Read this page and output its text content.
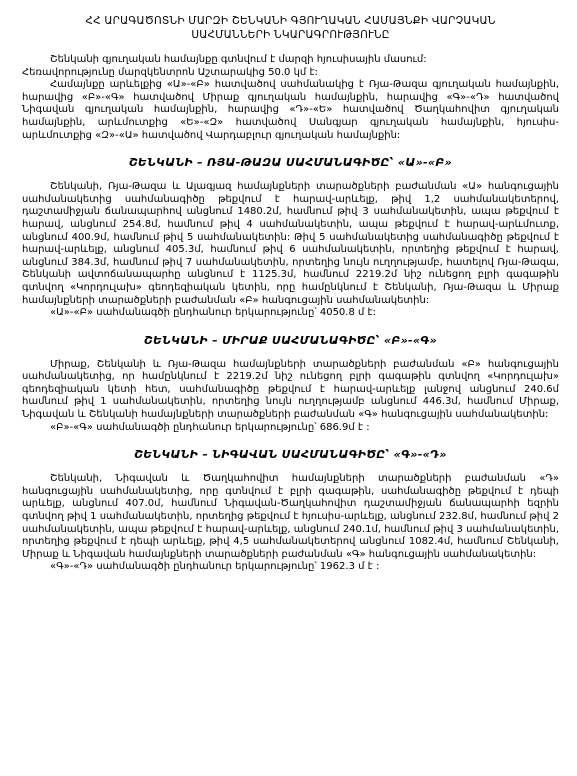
ՀՀ ԱՐԱԳԱԾՈՏՆԻ ՄԱՐԶԻ ՇԵՆԿԱՆԻ ԳՅՈՒՂԱԿԱՆ ՀԱՄԱՅՆՔԻ ՎԱՐՉԱԿԱՆ
ՍԱՀՄԱՆՆԵՐԻ ՆԿԱՐԱԳՐՈՒԹՅՈՒՆԸ

Շենկանի գյուղական համայնքը գտնվում է մարզի հյուսիսային մասում:

Հեռավորությունը մարզկենտրոն Աշտարակից 50.0 կմ է:

Համայնքը արևելքից «Ա»-«Բ» հատվածով սահմանակից է Ռյա-Թազա գյուղական համայնքին, հարավից «Բ»-«Գ» հատվածով Միրաք գյուղական համայնքին, հարավից «Գ»-«Դ» հատվածով Նիգավան գյուղական համայնքին, հարավից «Դ»-«Ե» հատվածով Ծաղկահովիտ գյուղական համայնքին, արևմուտքից «Ե»-«Զ» հատվածով Սանգյար գյուղական համայնքին, հյուսիս-արևմուտքից «Զ»-«Ա» հատվածով Վարդաբլուր գյուղական համայնքին:

ՇԵՆԿԱՆԻ – ՌՅԱ-ԹԱԶԱ ՍԱՀՄԱՆԱԳԻԾԸ՝ «Ա»-«Բ»

Շենկանի, Ռյա-Թազա և Ալագյազ համայնքների տարածքների բաժանման «Ա» հանգուցային սահմանակետից սահմանագիծը թեքվում է հարավ-արևելք, թիվ 1,2 սահմանակետերով, դաշտամիջյան ճանապարհով անցնում 1480.2մ, համնում թիվ 3 սահմանակետին, ապա թեքվում է հարավ, անցնում 254.8մ, համնում թիվ 4 սահմանակետին, ապա թեքվում է հարավ-արևմուտք, անցնում 400.9մ, համնում թիվ 5 սահմանակետին: Թիվ 5 սահմանակետից սահմանագիծը թեքվում է հարավ-արևելք, անցնում 405.3մ, համնում թիվ 6 սահմանակետին, որտեղից թեքվում է հարավ, անցնում 384.3մ, համնում թիվ 7 սահմանակետին, որտեղից նույն ուղղությամբ, հատելով Ռյա-Թազա, Շենկանի ավտոճանապարհը անցնում է 1125.3մ, համնում 2219.2մ նիշ ունեցող բլրի գագաթին գտնվող «Կորդուլախ» գեոդեզիական կետին, որը համընկնում է Շենկանի, Ռյա-Թազա և Միրաք համայնքների տարածքների բաժանման «Բ» հանգուցային սահմանակետին:

«Ա»-«Բ» սահմանագծի ընդհանուր երկարությունը՝ 4050.8 մ է:

ՇԵՆԿԱՆԻ – ՄԻՐԱՔ ՍԱՀՄԱՆԱԳԻԾԸ՝ «Բ»-«Գ»

Միրաք, Շենկանի և Ռյա-Թազա համայնքների տարածքների բաժանման «Բ» հանգուցային սահմանակետից, որ համընկնում է 2219.2մ նիշ ունեցող բլրի գագաթին գտնվող «Կորդուլախ» գեոդեզիական կետի հետ, սահմանագիծը թեքվում է հարավ-արևելք լանջով անցնում 240.6մ համնում թիվ 1 սահմանակետին, որտեղից նույն ուղղությամբ անցնում 446.3մ, համնում Միրաք, Նիգավան և Շենկանի համայնքների տարածքների բաժանման «Գ» հանգուցային սահմանակետին:

«Բ»-«Գ» սահմանագծի ընդհանուր երկարությունը՝ 686.9մ է :

ՇԵՆԿԱՆԻ – ՆԻԳԱՎԱՆ ՍԱՀՄԱՆԱԳԻԾԸ՝ «Գ»-«Դ»

Շենկանի, Նիգավան և Ծաղկահովիտ համայնքների տարածքների բաժանման «Դ» հանգուցային սահմանակետից, որը գտնվում է բլրի գագաթին, սահմանագիծը թեքվում է դեպի արևելք, անցնում 407.0մ, համնում Նիգավան-Ծաղկահովիտ դաշտամիջյան ճանապարհի եզրին գտնվող թիվ 1 սահմանակետին, որտեղից թեքվում է հյուսիս-արևելք, անցնում 232.8մ, համնում թիվ 2 սահմանակետին, ապա թեքվում է հարավ-արևելք, անցնում 240.1մ, համնում թիվ 3 սահմանակետին, որտեղից թեքվում է դեպի արևելք, թիվ 4,5 սահմանակետերով անցնում 1082.4մ, համնում Շենկանի, Միրաք և Նիգավան համայնքների տարածքների բաժանման «Գ» հանգուցային սահմանակետին:

«Գ»-«Դ» սահմանագծի ընդհանուր երկարությունը՝ 1962.3 մ է :
